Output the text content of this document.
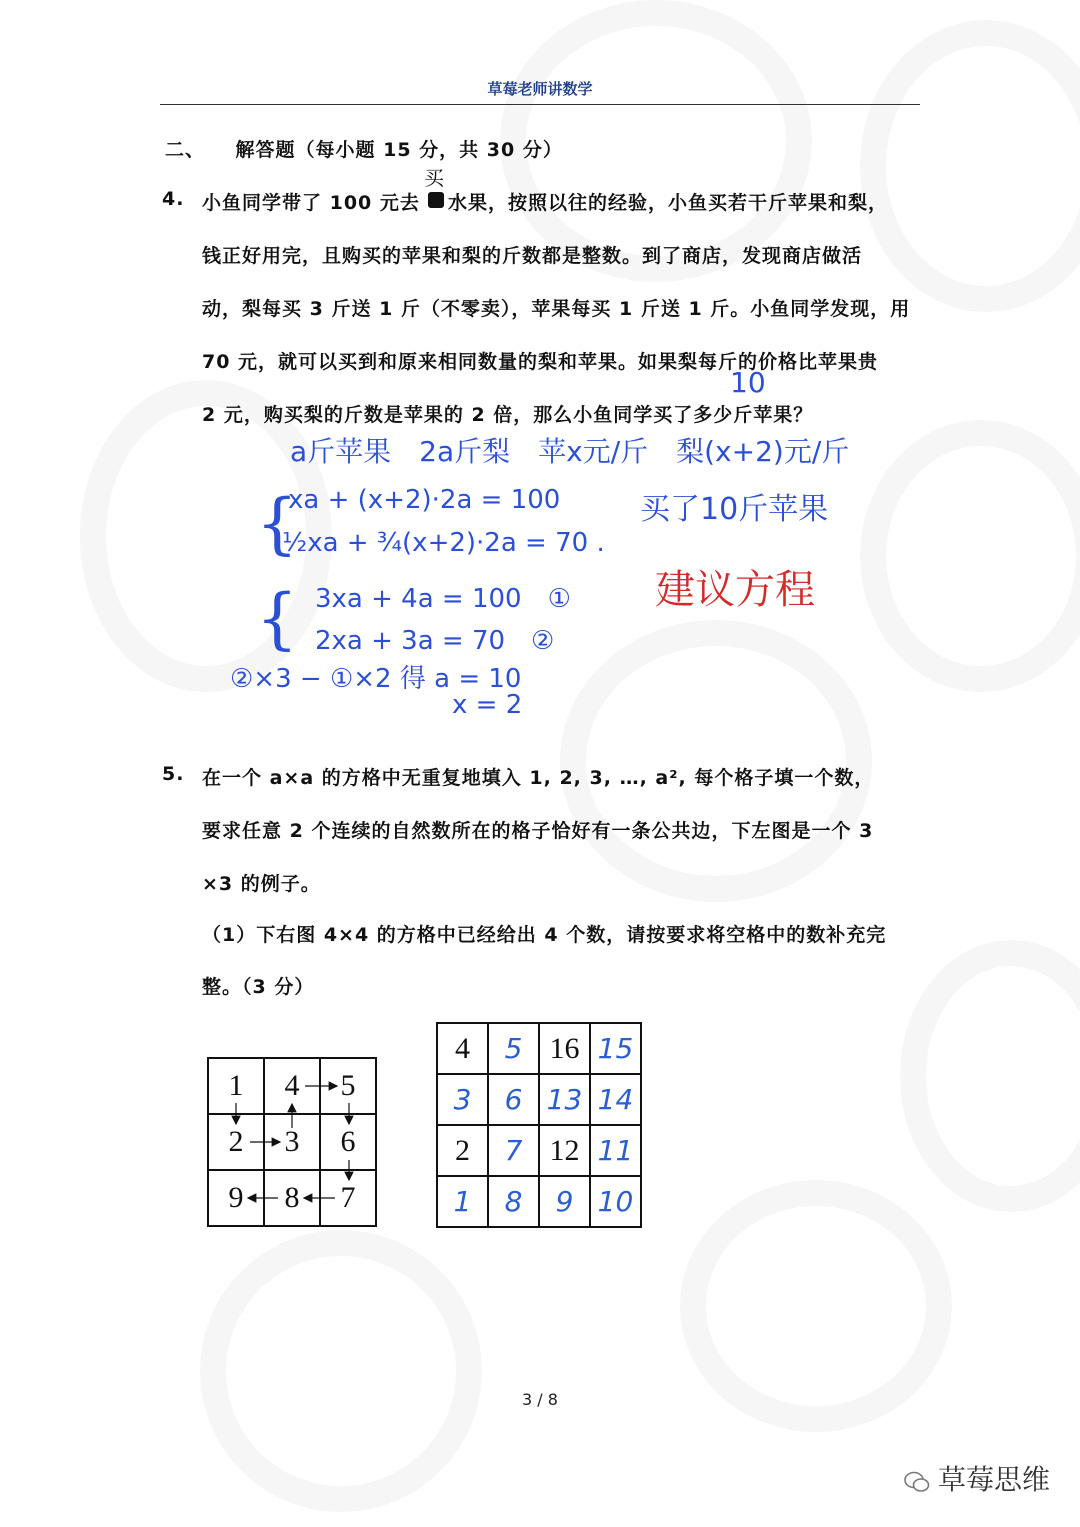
草莓老师讲数学
二、　　解答题（每小题 15 分，共 30 分）
4.
买
小鱼同学带了 100 元去 水果，按照以往的经验，小鱼买若干斤苹果和梨，
钱正好用完，且购买的苹果和梨的斤数都是整数。到了商店，发现商店做活
动，梨每买 3 斤送 1 斤（不零卖），苹果每买 1 斤送 1 斤。小鱼同学发现，用
70 元，就可以买到和原来相同数量的梨和苹果。如果梨每斤的价格比苹果贵
2 元，购买梨的斤数是苹果的 2 倍，那么小鱼同学买了多少斤苹果？
10
a斤苹果　2a斤梨　苹x元/斤　梨(x+2)元/斤
{
xa + (x+2)·2a = 100
½xa + ¾(x+2)·2a = 70 .
买了10斤苹果
建议方程
{ 3xa + 4a = 100　①
2xa + 3a = 70　②
②×3 − ①×2 得 a = 10
x = 2
5. 在一个 a×a 的方格中无重复地填入 1, 2, 3, …, a², 每个格子填一个数，
要求任意 2 个连续的自然数所在的格子恰好有一条公共边，下左图是一个 3
×3 的例子。
（1）下右图 4×4 的方格中已经给出 4 个数，请按要求将空格中的数补充完
整。（3 分）
1	4	5
2	3	6
9	8	7
4	5	16	15
3	6	13	14
2	7	12	11
1	8	9	10
3 / 8
草莓思维
